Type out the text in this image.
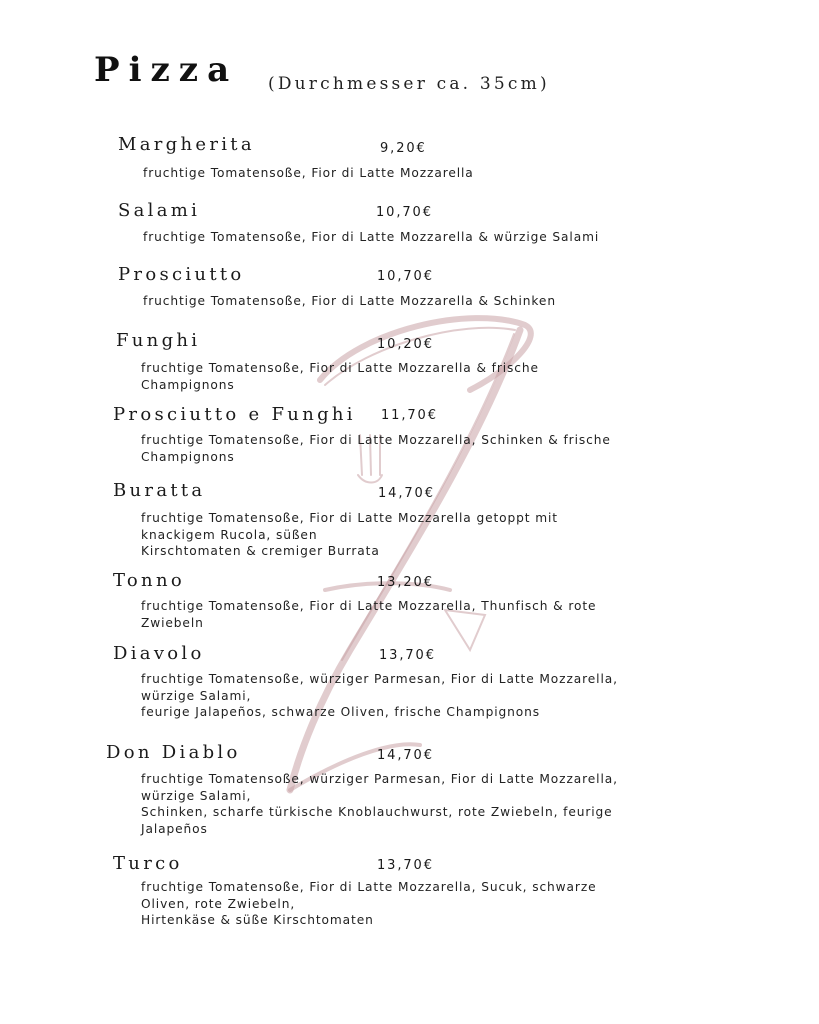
Pizza (Durchmesser ca. 35cm)
Margherita	9,20€
fruchtige Tomatensoße, Fior di Latte Mozzarella
Salami	10,70€
fruchtige Tomatensoße, Fior di Latte Mozzarella & würzige Salami
Prosciutto	10,70€
fruchtige Tomatensoße, Fior di Latte Mozzarella & Schinken
Funghi	10,20€
fruchtige Tomatensoße, Fior di Latte Mozzarella & frische
Champignons
Prosciutto e Funghi 11,70€
fruchtige Tomatensoße, Fior di Latte Mozzarella, Schinken & frische
Champignons
Buratta	14,70€
fruchtige Tomatensoße, Fior di Latte Mozzarella getoppt mit
knackigem Rucola, süßen
Kirschtomaten & cremiger Burrata
Tonno	13,20€
fruchtige Tomatensoße, Fior di Latte Mozzarella, Thunfisch & rote
Zwiebeln
Diavolo	13,70€
fruchtige Tomatensoße, würziger Parmesan, Fior di Latte Mozzarella,
würzige Salami,
feurige Jalapeños, schwarze Oliven, frische Champignons
Don Diablo	14,70€
fruchtige Tomatensoße, würziger Parmesan, Fior di Latte Mozzarella,
würzige Salami,
Schinken, scharfe türkische Knoblauchwurst, rote Zwiebeln, feurige
Jalapeños
Turco	13,70€
fruchtige Tomatensoße, Fior di Latte Mozzarella, Sucuk, schwarze
Oliven, rote Zwiebeln,
Hirtenkäse & süße Kirschtomaten
